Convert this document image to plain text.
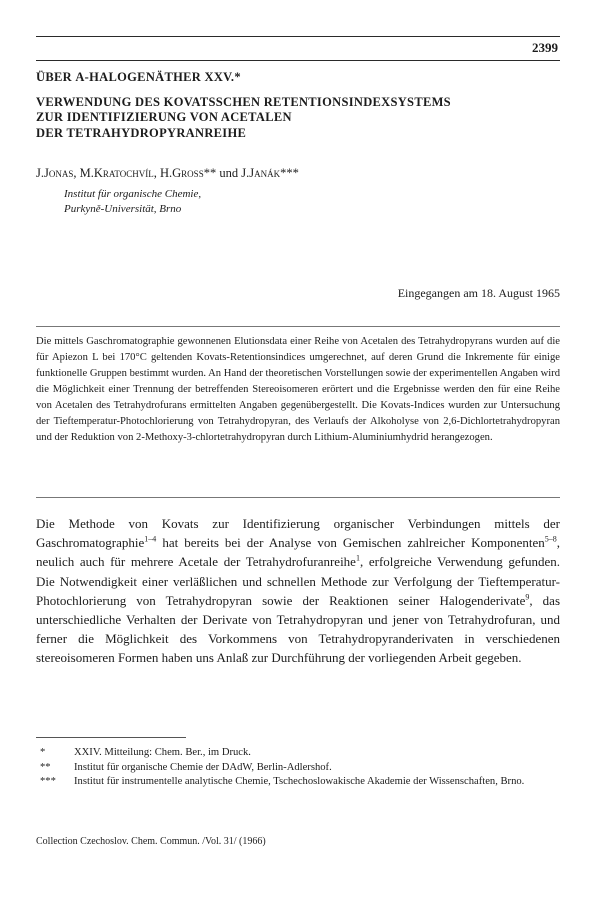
2399
ÜBER Α-HALOGENÄTHER XXV.*
VERWENDUNG DES KOVATSSCHEN RETENTIONSINDEXSYSTEMS
ZUR IDENTIFIZIERUNG VON ACETALEN
DER TETRAHYDROPYRANREIHE
J.Jonas, M.Kratochvíl, H.Gross** und J.Janák***
Institut für organische Chemie,
Purkyně-Universität, Brno
Eingegangen am 18. August 1965
Die mittels Gaschromatographie gewonnenen Elutionsdata einer Reihe von Acetalen des Tetrahydropyrans wurden auf die für Apiezon L bei 170°C geltenden Kovats-Retentionsindices umgerechnet, auf deren Grund die Inkremente für einige funktionelle Gruppen bestimmt wurden. An Hand der theoretischen Vorstellungen sowie der experimentellen Angaben wird die Möglichkeit einer Trennung der betreffenden Stereoisomeren erörtert und die Ergebnisse werden den für eine Reihe von Acetalen des Tetrahydrofurans ermittelten Angaben gegenübergestellt. Die Kovats-Indices wurden zur Untersuchung der Tieftemperatur-Photochlorierung von Tetrahydropyran, des Verlaufs der Alkoholyse von 2,6-Dichlortetrahydropyran und der Reduktion von 2-Methoxy-3-chlortetrahydropyran durch Lithium-Aluminiumhydrid herangezogen.
Die Methode von Kovats zur Identifizierung organischer Verbindungen mittels der Gaschromatographie$^{1-4}$ hat bereits bei der Analyse von Gemischen zahlreicher Komponenten$^{5-8}$, neulich auch für mehrere Acetale der Tetrahydrofuranreihe$^1$, erfolgreiche Verwendung gefunden. Die Notwendigkeit einer verläßlichen und schnellen Methode zur Verfolgung der Tieftemperatur-Photochlorierung von Tetrahydropyran sowie der Reaktionen seiner Halogenderivate$^9$, das unterschiedliche Verhalten der Derivate von Tetrahydropyran und jener von Tetrahydrofuran, und ferner die Möglichkeit des Vorkommens von Tetrahydropyranderivaten in verschiedenen stereoisomeren Formen haben uns Anlaß zur Durchführung der vorliegenden Arbeit gegeben.
*	XXIV. Mitteilung: Chem. Ber., im Druck.
**	Institut für organische Chemie der DAdW, Berlin-Adlershof.
***	Institut für instrumentelle analytische Chemie, Tschechoslowakische Akademie der Wissenschaften, Brno.
Collection Czechoslov. Chem. Commun. /Vol. 31/ (1966)
